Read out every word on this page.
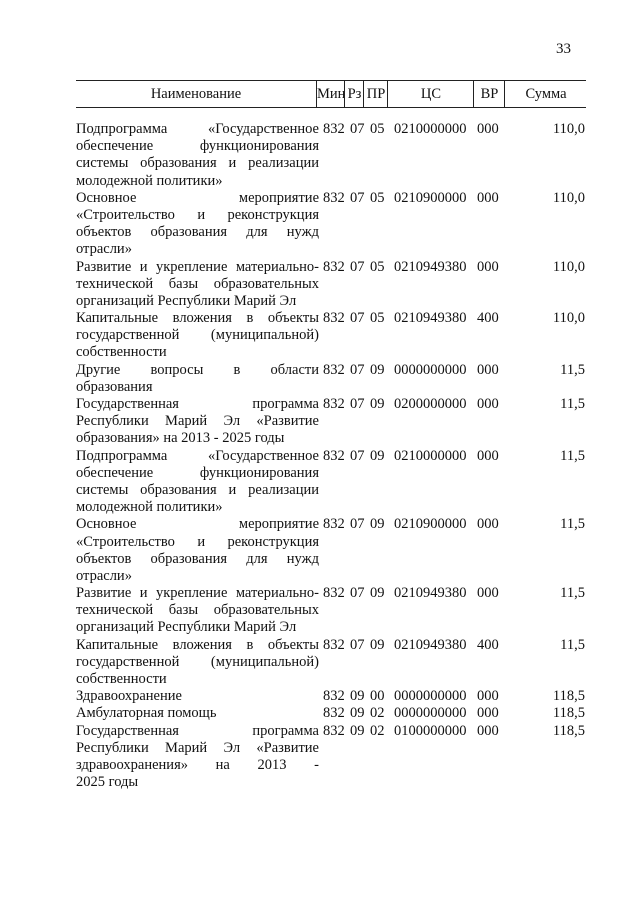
33
Наименование	Мин Рз ПР	ЦС	ВР	Сумма
Подпрограмма «Государственное
обеспечение функционирования
системы образования и реализации
молодежной политики»
832 07 05 0210000000 000	110,0
Основное мероприятие
«Строительство и реконструкция
объектов образования для нужд
отрасли»
832 07 05 0210900000 000	110,0
Развитие и укрепление материально-
технической базы образовательных
организаций Республики Марий Эл
832 07 05 0210949380 000	110,0
Капитальные вложения в объекты
государственной (муниципальной)
собственности
832 07 05 0210949380 400	110,0
Другие вопросы в области
образования
832 07 09 0000000000 000	11,5
Государственная программа
Республики Марий Эл «Развитие
образования» на 2013 - 2025 годы
832 07 09 0200000000 000	11,5
Подпрограмма «Государственное
обеспечение функционирования
системы образования и реализации
молодежной политики»
832 07 09 0210000000 000	11,5
Основное мероприятие
«Строительство и реконструкция
объектов образования для нужд
отрасли»
832 07 09 0210900000 000	11,5
Развитие и укрепление материально-
технической базы образовательных
организаций Республики Марий Эл
832 07 09 0210949380 000	11,5
Капитальные вложения в объекты
государственной (муниципальной)
собственности
832 07 09 0210949380 400	11,5
Здравоохранение	832 09 00 0000000000 000	118,5
Амбулаторная помощь	832 09 02 0000000000 000	118,5
Государственная программа
Республики Марий Эл «Развитие
здравоохранения» на 2013 -
2025 годы
832 09 02 0100000000 000	118,5
